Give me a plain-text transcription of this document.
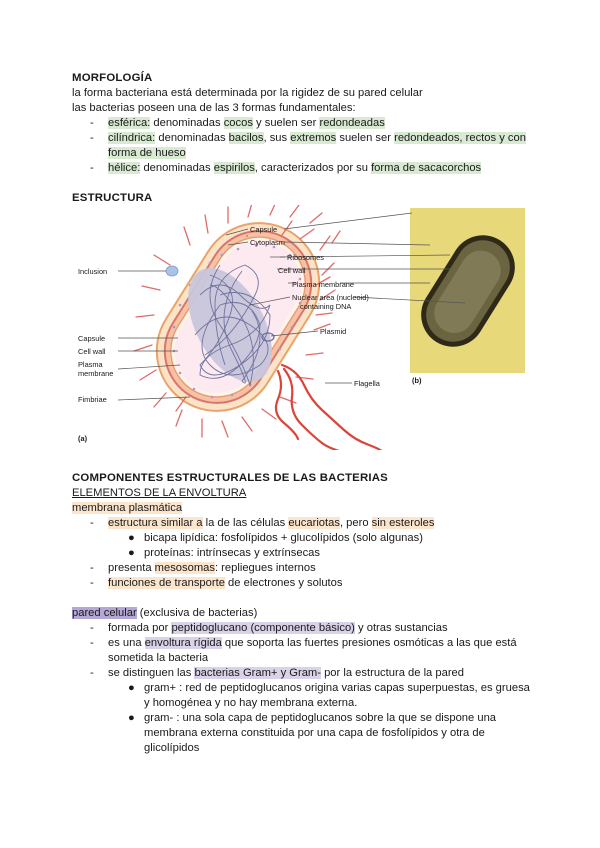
MORFOLOGÍA
la forma bacteriana está determinada por la rigidez de su pared celular
las bacterias poseen una de las 3 formas fundamentales:
- esférica: denominadas cocos y suelen ser redondeadas
- cilíndrica: denominadas bacilos, sus extremos suelen ser redondeados, rectos y con
forma de hueso
- hélice: denominadas espirilos, caracterizados por su forma de sacacorchos
ESTRUCTURA
Capsule
Cytoplasm
Ribosomes
Cell wall
Plasma membrane
Nuclear area (nucleoid)
containing DNA
Plasmid
Flagella
Inclusion
Capsule
Cell wall
Plasma
membrane
Fimbriae
(a)
(b)
COMPONENTES ESTRUCTURALES DE LAS BACTERIAS
ELEMENTOS DE LA ENVOLTURA
membrana plasmática
- estructura similar a la de las células eucariotas, pero sin esteroles
● bicapa lipídica: fosfolípidos + glucolípidos (solo algunas)
● proteínas: intrínsecas y extrínsecas
- presenta mesosomas: repliegues internos
- funciones de transporte de electrones y solutos
pared celular (exclusiva de bacterias)
- formada por peptidoglucano (componente básico) y otras sustancias
- es una envoltura rígida que soporta las fuertes presiones osmóticas a las que está
sometida la bacteria
- se distinguen las bacterias Gram+ y Gram- por la estructura de la pared
● gram+ : red de peptidoglucanos origina varias capas superpuestas, es gruesa
y homogénea y no hay membrana externa.
● gram- : una sola capa de peptidoglucanos sobre la que se dispone una
membrana externa constituida por una capa de fosfolípidos y otra de
glicolípidos
